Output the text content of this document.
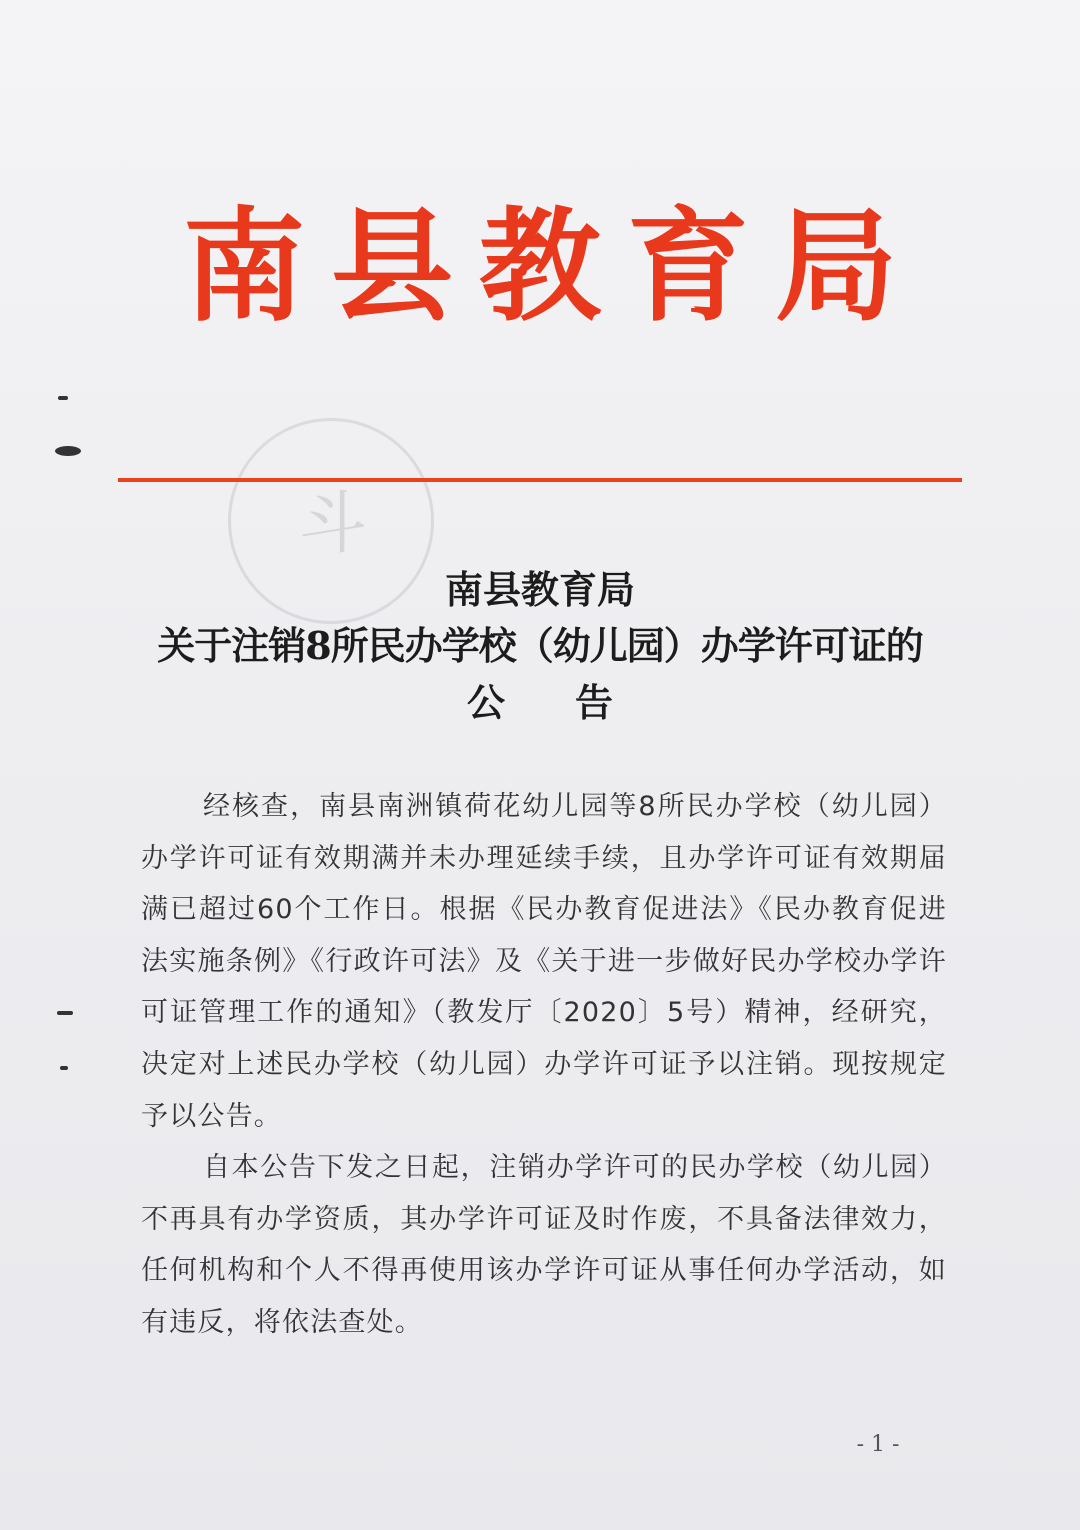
斗
南县教育局
南县教育局
关于注销8所民办学校（幼儿园）办学许可证的
公告

经核查，南县南洲镇荷花幼儿园等8所民办学校（幼儿园）办学许可证有效期满并未办理延续手续，且办学许可证有效期届满已超过60个工作日。根据《民办教育促进法》《民办教育促进法实施条例》《行政许可法》及《关于进一步做好民办学校办学许可证管理工作的通知》（教发厅〔2020〕5号）精神，经研究，决定对上述民办学校（幼儿园）办学许可证予以注销。现按规定予以公告。

自本公告下发之日起，注销办学许可的民办学校（幼儿园）不再具有办学资质，其办学许可证及时作废，不具备法律效力，任何机构和个人不得再使用该办学许可证从事任何办学活动，如有违反，将依法查处。

- 1 -
